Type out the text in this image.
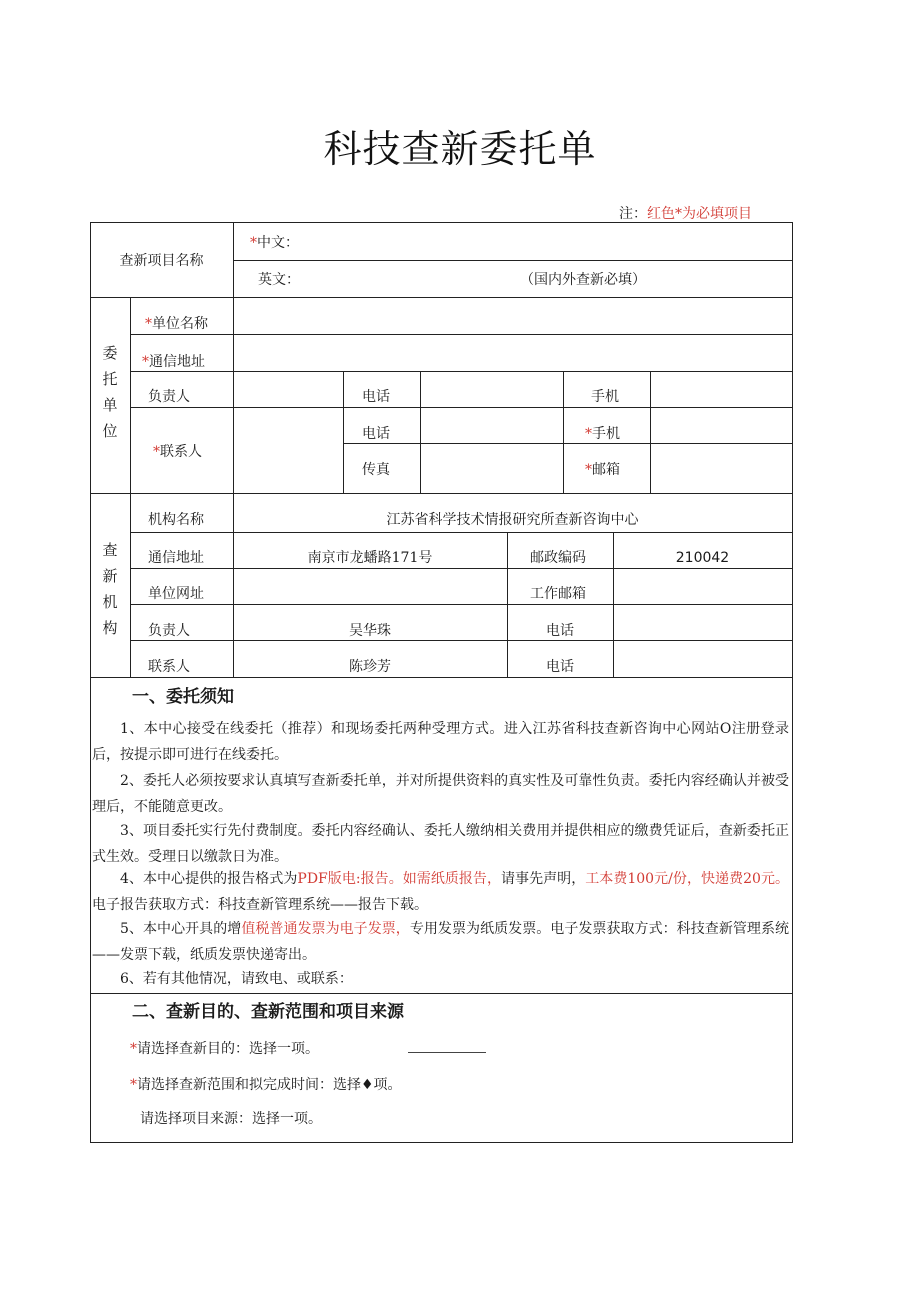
科技查新委托单
注：红色*为必填项目
查新项目名称
*中文：
英文：	（国内外查新必填）
委
托
单
位
*单位名称
*通信地址
负责人	电话	手机
*联系人
电话	*手机
传真	*邮箱
查
新
机
构
机构名称	江苏省科学技术情报研究所查新咨询中心
通信地址	南京市龙蟠路171号	邮政编码	210042
单位网址	工作邮箱
负责人	吴华珠	电话
联系人	陈珍芳	电话
一、委托须知
1、本中心接受在线委托（推荐）和现场委托两种受理方式。进入江苏省科技查新咨询中心网站O注册登录后，按提示即可进行在线委托。
2、委托人必须按要求认真填写查新委托单，并对所提供资料的真实性及可靠性负责。委托内容经确认并被受理后，不能随意更改。
3、项目委托实行先付费制度。委托内容经确认、委托人缴纳相关费用并提供相应的缴费凭证后，查新委托正式生效。受理日以缴款日为准。
4、本中心提供的报告格式为PDF版电:报告。如需纸质报告，请事先声明，工本费100元/份，快递费20元。电子报告获取方式：科技查新管理系统——报告下载。
5、本中心开具的增值税普通发票为电子发票，专用发票为纸质发票。电子发票获取方式：科技查新管理系统——发票下载，纸质发票快递寄出。
6、若有其他情况，请致电、或联系：
二、查新目的、查新范围和项目来源
*请选择查新目的：选择一项。
*请选择查新范围和拟完成时间：选择♦项。
请选择项目来源：选择一项。
